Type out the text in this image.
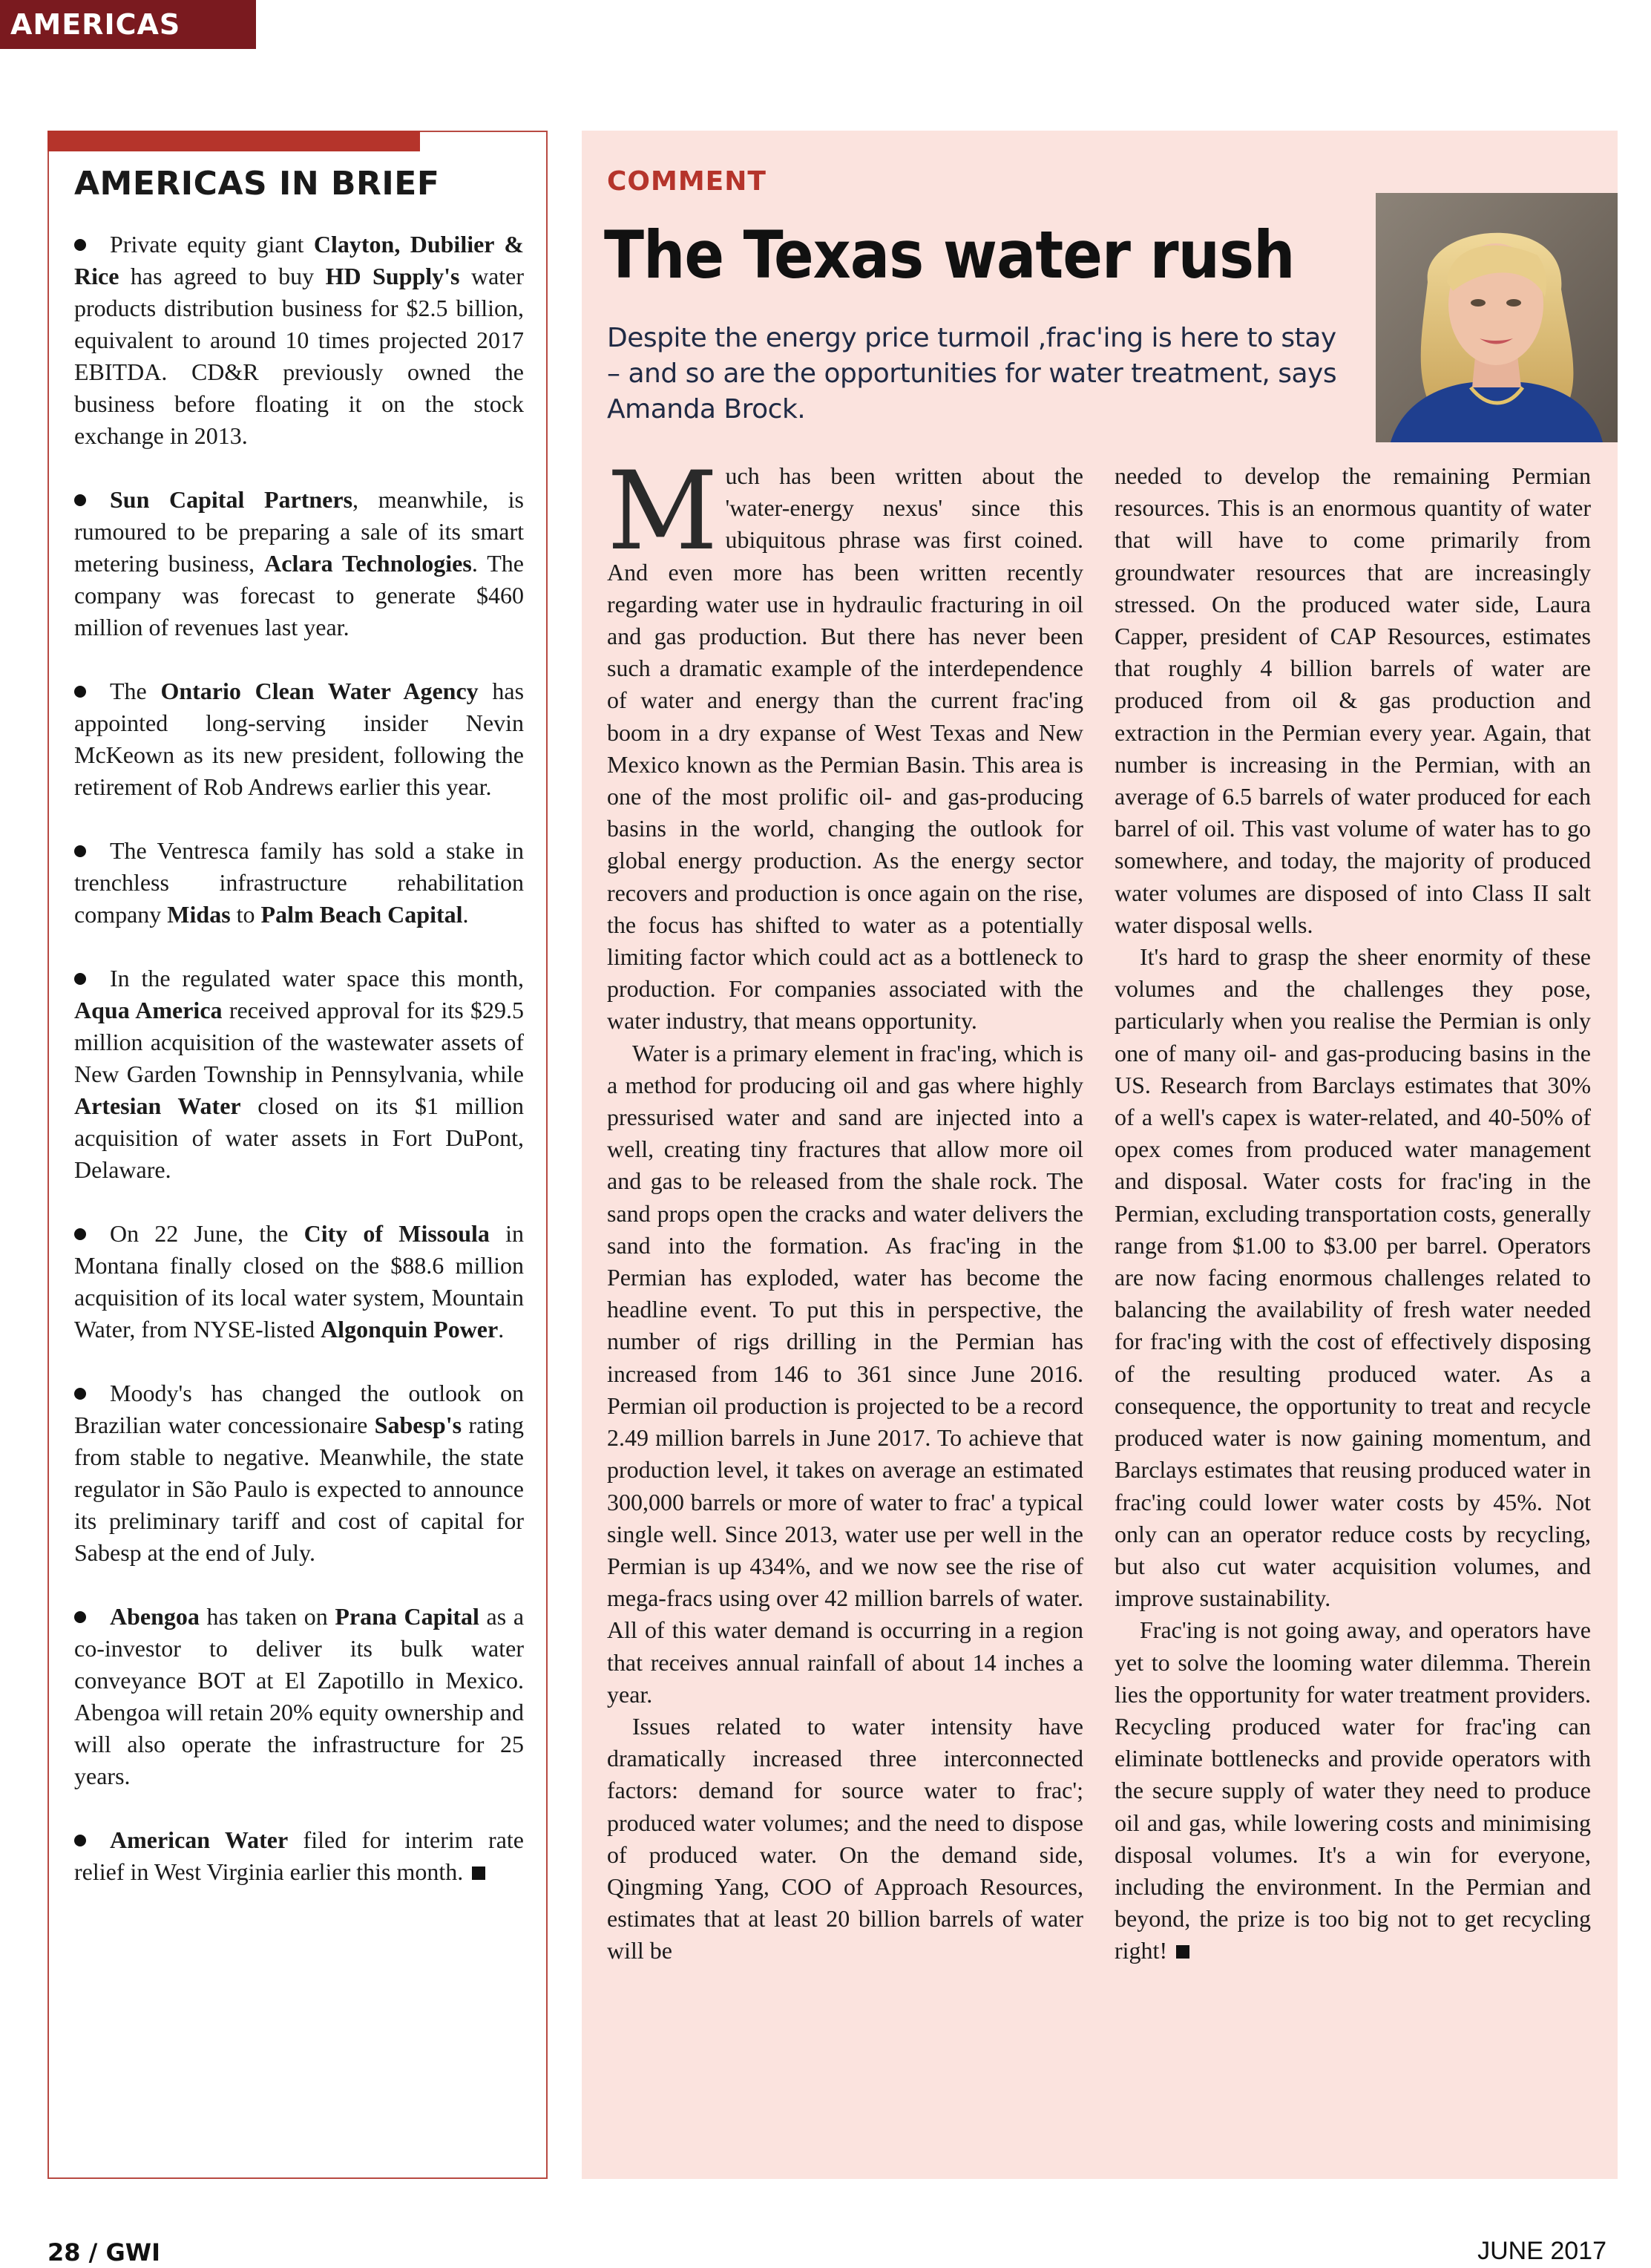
AMERICAS
AMERICAS IN BRIEF

Private equity giant Clayton, Dubilier & Rice has agreed to buy HD Supply's water products distribution business for $2.5 billion, equivalent to around 10 times projected 2017 EBITDA. CD&R previously owned the business before floating it on the stock exchange in 2013.

Sun Capital Partners, meanwhile, is rumoured to be preparing a sale of its smart metering business, Aclara Technologies. The company was forecast to generate $460 million of revenues last year.

The Ontario Clean Water Agency has appointed long-serving insider Nevin McKeown as its new president, following the retirement of Rob Andrews earlier this year.

The Ventresca family has sold a stake in trenchless infrastructure rehabilitation company Midas to Palm Beach Capital.

In the regulated water space this month, Aqua America received approval for its $29.5 million acquisition of the wastewater assets of New Garden Township in Pennsylvania, while Artesian Water closed on its $1 million acquisition of water assets in Fort DuPont, Delaware.

On 22 June, the City of Missoula in Montana finally closed on the $88.6 million acquisition of its local water system, Mountain Water, from NYSE-listed Algonquin Power.

Moody's has changed the outlook on Brazilian water concessionaire Sabesp's rating from stable to negative. Meanwhile, the state regulator in São Paulo is expected to announce its preliminary tariff and cost of capital for Sabesp at the end of July.

Abengoa has taken on Prana Capital as a co-investor to deliver its bulk water conveyance BOT at El Zapotillo in Mexico. Abengoa will retain 20% equity ownership and will also operate the infrastructure for 25 years.

American Water filed for interim rate relief in West Virginia earlier this month.

COMMENT
The Texas water rush
Despite the energy price turmoil ,frac'ing is here to stay – and so are the opportunities for water treatment, says Amanda Brock.

Much has been written about the 'water-energy nexus' since this ubiquitous phrase was first coined. And even more has been written recently regarding water use in hydraulic fracturing in oil and gas production. But there has never been such a dramatic example of the interdependence of water and energy than the current frac'ing boom in a dry expanse of West Texas and New Mexico known as the Permian Basin. This area is one of the most prolific oil- and gas-producing basins in the world, changing the outlook for global energy production. As the energy sector recovers and production is once again on the rise, the focus has shifted to water as a potentially limiting factor which could act as a bottleneck to production. For companies associated with the water industry, that means opportunity.

Water is a primary element in frac'ing, which is a method for producing oil and gas where highly pressurised water and sand are injected into a well, creating tiny fractures that allow more oil and gas to be released from the shale rock. The sand props open the cracks and water delivers the sand into the formation. As frac'ing in the Permian has exploded, water has become the headline event. To put this in perspective, the number of rigs drilling in the Permian has increased from 146 to 361 since June 2016. Permian oil production is projected to be a record 2.49 million barrels in June 2017. To achieve that production level, it takes on average an estimated 300,000 barrels or more of water to frac' a typical single well. Since 2013, water use per well in the Permian is up 434%, and we now see the rise of mega-fracs using over 42 million barrels of water. All of this water demand is occurring in a region that receives annual rainfall of about 14 inches a year.

Issues related to water intensity have dramatically increased three interconnected factors: demand for source water to frac'; produced water volumes; and the need to dispose of produced water. On the demand side, Qingming Yang, COO of Approach Resources, estimates that at least 20 billion barrels of water will be

needed to develop the remaining Permian resources. This is an enormous quantity of water that will have to come primarily from groundwater resources that are increasingly stressed. On the produced water side, Laura Capper, president of CAP Resources, estimates that roughly 4 billion barrels of water are produced from oil & gas production and extraction in the Permian every year. Again, that number is increasing in the Permian, with an average of 6.5 barrels of water produced for each barrel of oil. This vast volume of water has to go somewhere, and today, the majority of produced water volumes are disposed of into Class II salt water disposal wells.

It's hard to grasp the sheer enormity of these volumes and the challenges they pose, particularly when you realise the Permian is only one of many oil- and gas-producing basins in the US. Research from Barclays estimates that 30% of a well's capex is water-related, and 40-50% of opex comes from produced water management and disposal. Water costs for frac'ing in the Permian, excluding transportation costs, generally range from $1.00 to $3.00 per barrel. Operators are now facing enormous challenges related to balancing the availability of fresh water needed for frac'ing with the cost of effectively disposing of the resulting produced water. As a consequence, the opportunity to treat and recycle produced water is now gaining momentum, and Barclays estimates that reusing produced water in frac'ing could lower water costs by 45%. Not only can an operator reduce costs by recycling, but also cut water acquisition volumes, and improve sustainability.

Frac'ing is not going away, and operators have yet to solve the looming water dilemma. Therein lies the opportunity for water treatment providers. Recycling produced water for frac'ing can eliminate bottlenecks and provide operators with the secure supply of water they need to produce oil and gas, while lowering costs and minimising disposal volumes. It's a win for everyone, including the environment. In the Permian and beyond, the prize is too big not to get recycling right!

28 / GWI	JUNE 2017
